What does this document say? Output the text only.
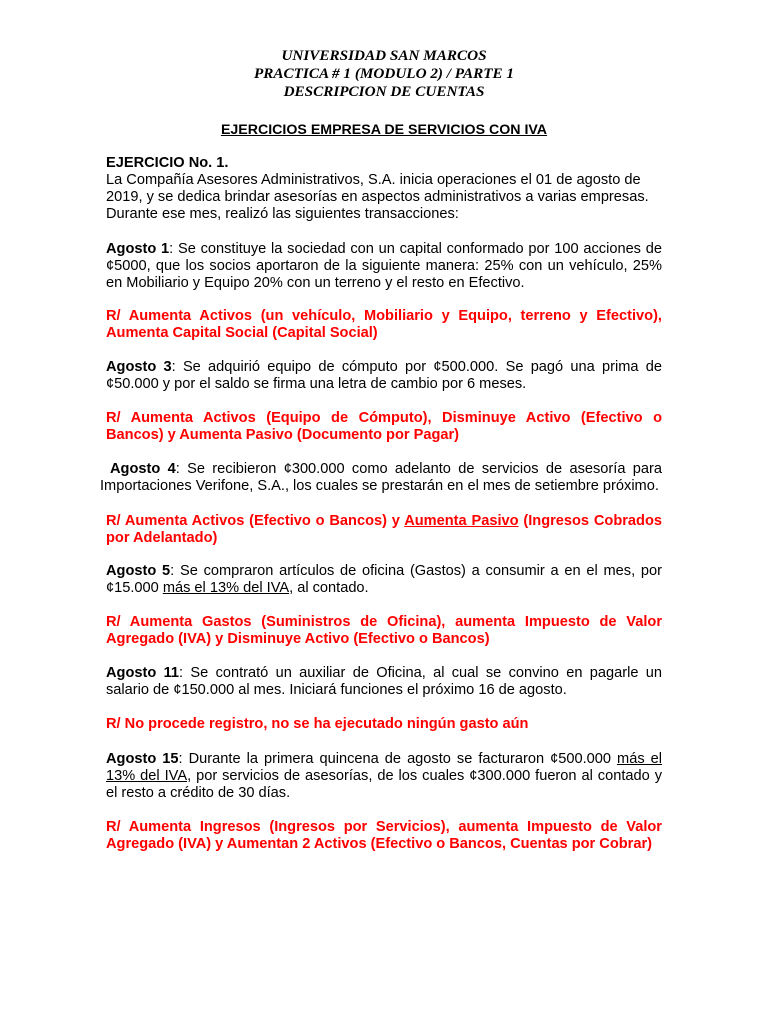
UNIVERSIDAD SAN MARCOS
PRACTICA # 1 (MODULO 2) / PARTE 1
DESCRIPCION DE CUENTAS
EJERCICIOS EMPRESA DE SERVICIOS CON IVA
EJERCICIO No. 1.
La Compañía Asesores Administrativos, S.A. inicia operaciones el 01 de agosto de 2019, y se dedica brindar asesorías en aspectos administrativos a varias empresas. Durante ese mes, realizó las siguientes transacciones:
Agosto 1: Se constituye la sociedad con un capital conformado por 100 acciones de ¢5000, que los socios aportaron de la siguiente manera: 25% con un vehículo, 25% en Mobiliario y Equipo 20% con un terreno y el resto en Efectivo.
R/ Aumenta Activos (un vehículo, Mobiliario y Equipo, terreno y Efectivo), Aumenta Capital Social (Capital Social)
Agosto 3: Se adquirió equipo de cómputo por ¢500.000. Se pagó una prima de ¢50.000 y por el saldo se firma una letra de cambio por 6 meses.
R/ Aumenta Activos (Equipo de Cómputo), Disminuye Activo (Efectivo o Bancos) y Aumenta Pasivo (Documento por Pagar)
Agosto 4: Se recibieron ¢300.000 como adelanto de servicios de asesoría para Importaciones Verifone, S.A., los cuales se prestarán en el mes de setiembre próximo.
R/ Aumenta Activos (Efectivo o Bancos) y Aumenta Pasivo (Ingresos Cobrados por Adelantado)
Agosto 5: Se compraron artículos de oficina (Gastos) a consumir a en el mes, por ¢15.000 más el 13% del IVA, al contado.
R/ Aumenta Gastos (Suministros de Oficina), aumenta Impuesto de Valor Agregado (IVA) y Disminuye Activo (Efectivo o Bancos)
Agosto 11: Se contrató un auxiliar de Oficina, al cual se convino en pagarle un salario de ¢150.000 al mes. Iniciará funciones el próximo 16 de agosto.
R/ No procede registro, no se ha ejecutado ningún gasto aún
Agosto 15: Durante la primera quincena de agosto se facturaron ¢500.000 más el 13% del IVA, por servicios de asesorías, de los cuales ¢300.000 fueron al contado y el resto a crédito de 30 días.
R/ Aumenta Ingresos (Ingresos por Servicios), aumenta Impuesto de Valor Agregado (IVA) y Aumentan 2 Activos (Efectivo o Bancos, Cuentas por Cobrar)
